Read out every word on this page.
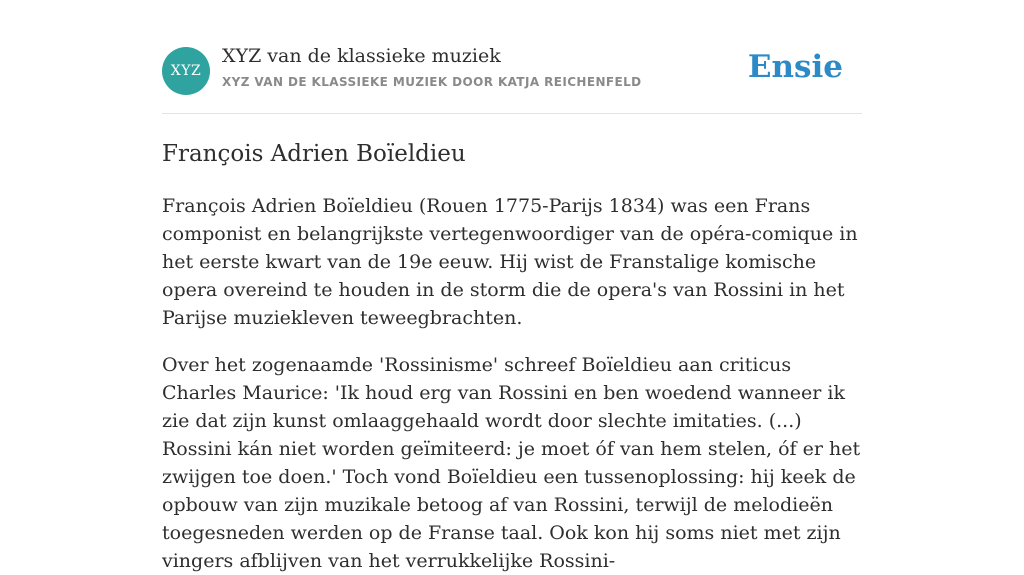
XYZ
XYZ van de klassieke muziek
XYZ VAN DE KLASSIEKE MUZIEK DOOR KATJA REICHENFELD	Ensie
François Adrien Boïeldieu

François Adrien Boïeldieu (Rouen 1775-Parijs 1834) was een Frans componist en belangrijkste vertegenwoordiger van de opéra-comique in het eerste kwart van de 19e eeuw. Hij wist de Franstalige komische opera overeind te houden in de storm die de opera's van Rossini in het Parijse muziekleven teweegbrachten.

Over het zogenaamde 'Rossinisme' schreef Boïeldieu aan criticus Charles Maurice: 'Ik houd erg van Rossini en ben woedend wanneer ik zie dat zijn kunst omlaaggehaald wordt door slechte imitaties. (...) Rossini kán niet worden geïmiteerd: je moet óf van hem stelen, óf er het zwijgen toe doen.' Toch vond Boïeldieu een tussenoplossing: hij keek de opbouw van zijn muzikale betoog af van Rossini, terwijl de melodieën toegesneden werden op de Franse taal. Ook kon hij soms niet met zijn vingers afblijven van het verrukkelijke Rossini-
